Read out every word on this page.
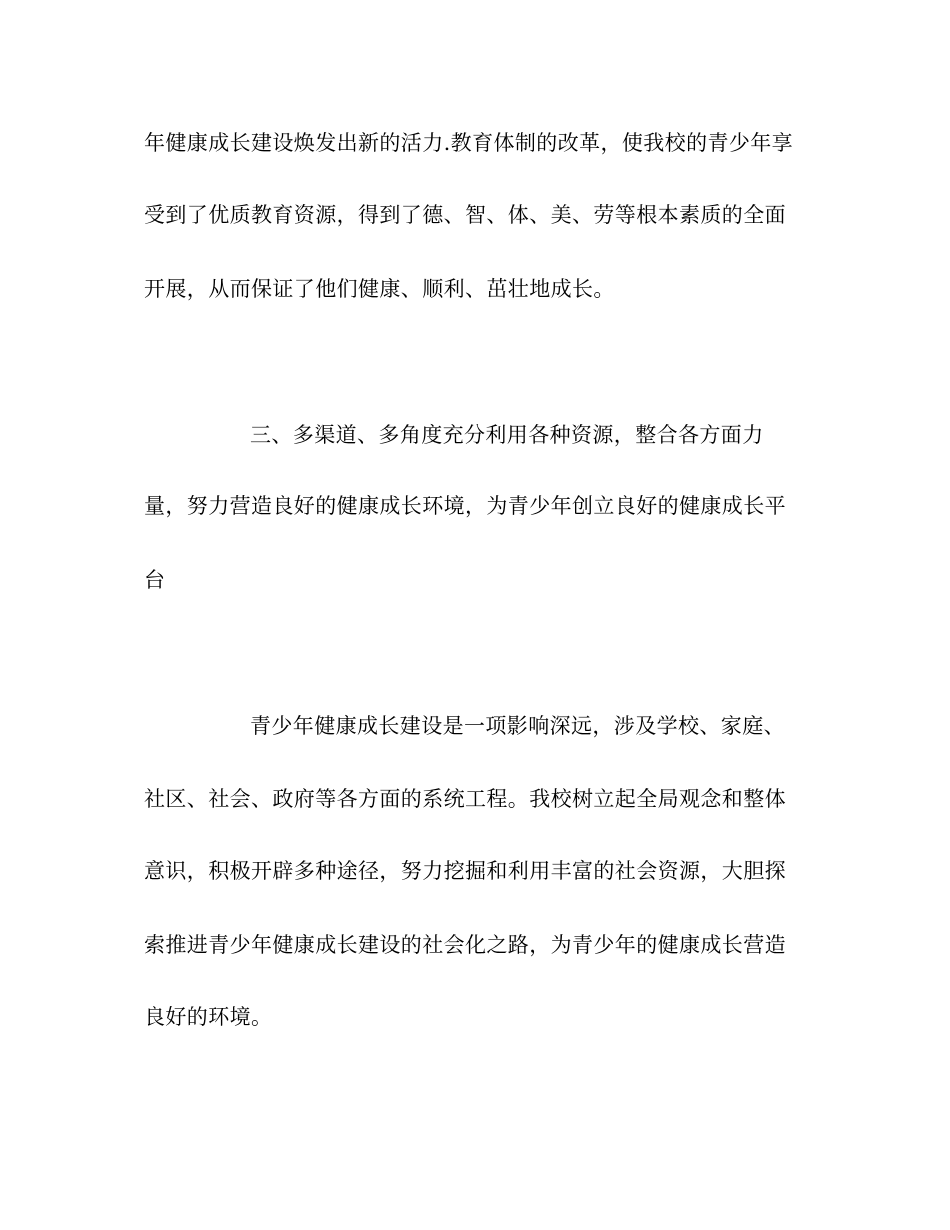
年健康成长建设焕发出新的活力.教育体制的改革，使我校的青少年享
受到了优质教育资源，得到了德、智、体、美、劳等根本素质的全面
开展，从而保证了他们健康、顺利、茁壮地成长。
三、多渠道、多角度充分利用各种资源，整合各方面力
量，努力营造良好的健康成长环境，为青少年创立良好的健康成长平
台
青少年健康成长建设是一项影响深远，涉及学校、家庭、
社区、社会、政府等各方面的系统工程。我校树立起全局观念和整体
意识，积极开辟多种途径，努力挖掘和利用丰富的社会资源，大胆探
索推进青少年健康成长建设的社会化之路，为青少年的健康成长营造
良好的环境。
